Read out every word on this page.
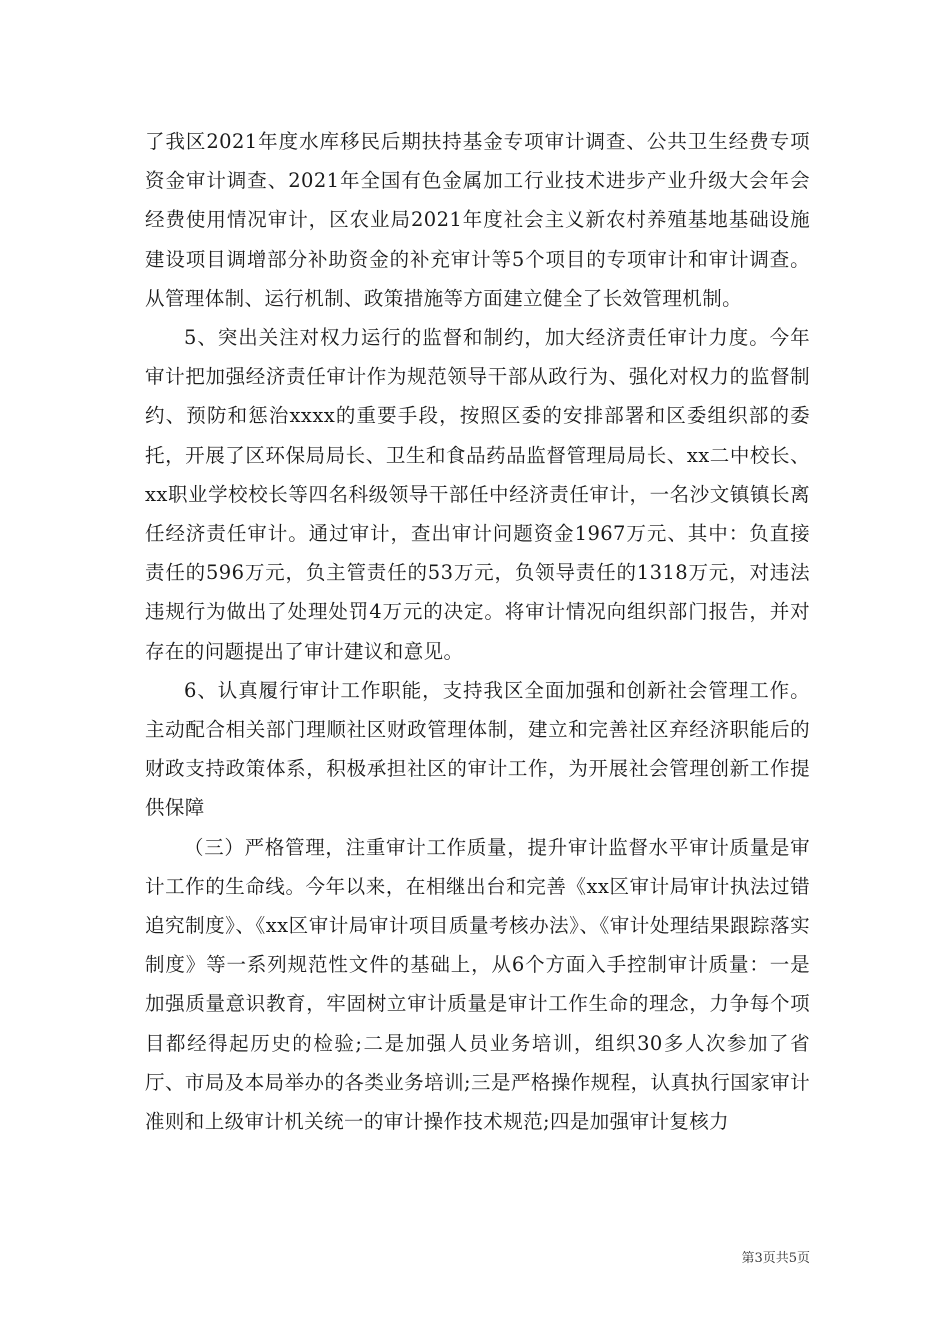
了我区2021年度水库移民后期扶持基金专项审计调查、公共卫生经费专项资金审计调查、2021年全国有色金属加工行业技术进步产业升级大会年会经费使用情况审计，区农业局2021年度社会主义新农村养殖基地基础设施建设项目调增部分补助资金的补充审计等5个项目的专项审计和审计调查。从管理体制、运行机制、政策措施等方面建立健全了长效管理机制。

5、突出关注对权力运行的监督和制约，加大经济责任审计力度。今年审计把加强经济责任审计作为规范领导干部从政行为、强化对权力的监督制约、预防和惩治xxxx的重要手段，按照区委的安排部署和区委组织部的委托，开展了区环保局局长、卫生和食品药品监督管理局局长、xx二中校长、xx职业学校校长等四名科级领导干部任中经济责任审计，一名沙文镇镇长离任经济责任审计。通过审计，查出审计问题资金1967万元、其中：负直接责任的596万元，负主管责任的53万元，负领导责任的1318万元，对违法违规行为做出了处理处罚4万元的决定。将审计情况向组织部门报告，并对存在的问题提出了审计建议和意见。

6、认真履行审计工作职能，支持我区全面加强和创新社会管理工作。主动配合相关部门理顺社区财政管理体制，建立和完善社区弃经济职能后的财政支持政策体系，积极承担社区的审计工作，为开展社会管理创新工作提供保障

（三）严格管理，注重审计工作质量，提升审计监督水平审计质量是审计工作的生命线。今年以来，在相继出台和完善《xx区审计局审计执法过错追究制度》、《xx区审计局审计项目质量考核办法》、《审计处理结果跟踪落实制度》等一系列规范性文件的基础上，从6个方面入手控制审计质量：一是加强质量意识教育，牢固树立审计质量是审计工作生命的理念，力争每个项目都经得起历史的检验;二是加强人员业务培训，组织30多人次参加了省厅、市局及本局举办的各类业务培训;三是严格操作规程，认真执行国家审计准则和上级审计机关统一的审计操作技术规范;四是加强审计复核力

第3页共5页
